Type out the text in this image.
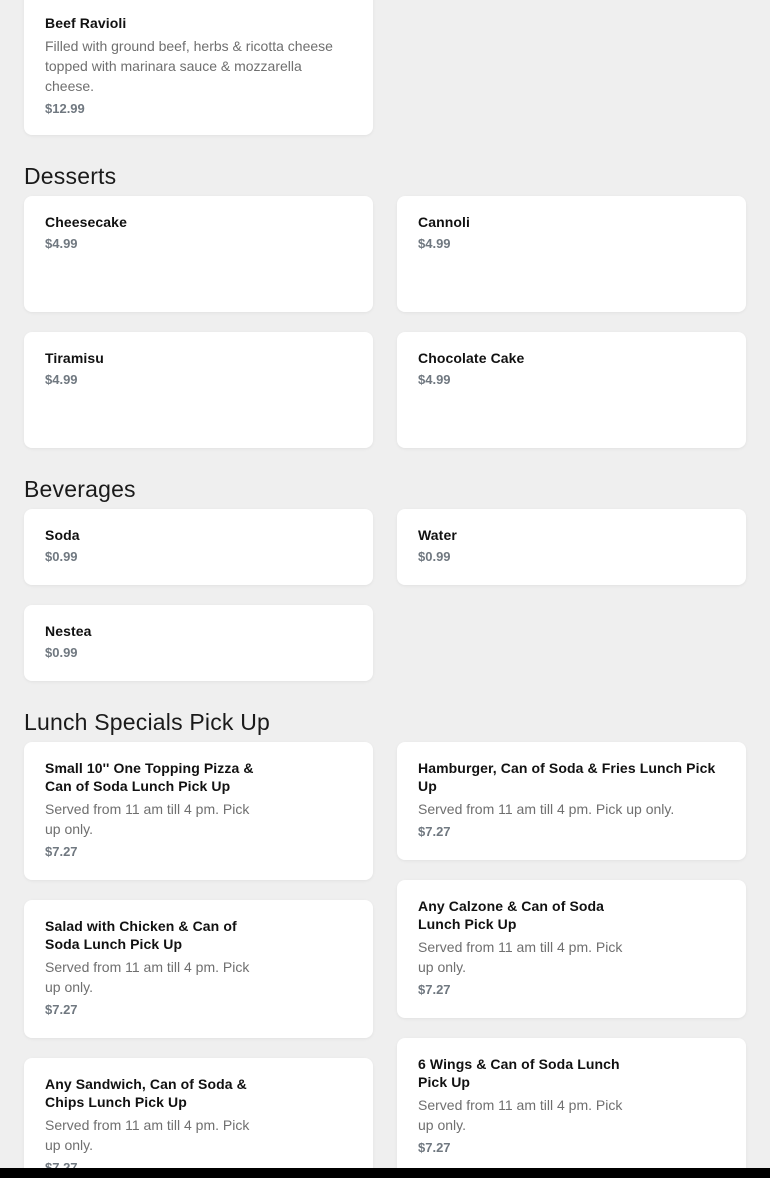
Beef Ravioli
Filled with ground beef, herbs & ricotta cheese topped with marinara sauce & mozzarella cheese.
$12.99
Desserts
Cheesecake
$4.99
Cannoli
$4.99
Tiramisu
$4.99
Chocolate Cake
$4.99
Beverages
Soda
$0.99
Water
$0.99
Nestea
$0.99
Lunch Specials Pick Up
Small 10'' One Topping Pizza & Can of Soda Lunch Pick Up
Served from 11 am till 4 pm. Pick up only.
$7.27
Hamburger, Can of Soda & Fries Lunch Pick Up
Served from 11 am till 4 pm. Pick up only.
$7.27
Salad with Chicken & Can of Soda Lunch Pick Up
Served from 11 am till 4 pm. Pick up only.
$7.27
Any Calzone & Can of Soda Lunch Pick Up
Served from 11 am till 4 pm. Pick up only.
$7.27
Any Sandwich, Can of Soda & Chips Lunch Pick Up
Served from 11 am till 4 pm. Pick up only.
6 Wings & Can of Soda Lunch Pick Up
Served from 11 am till 4 pm. Pick up only.
$7.27
